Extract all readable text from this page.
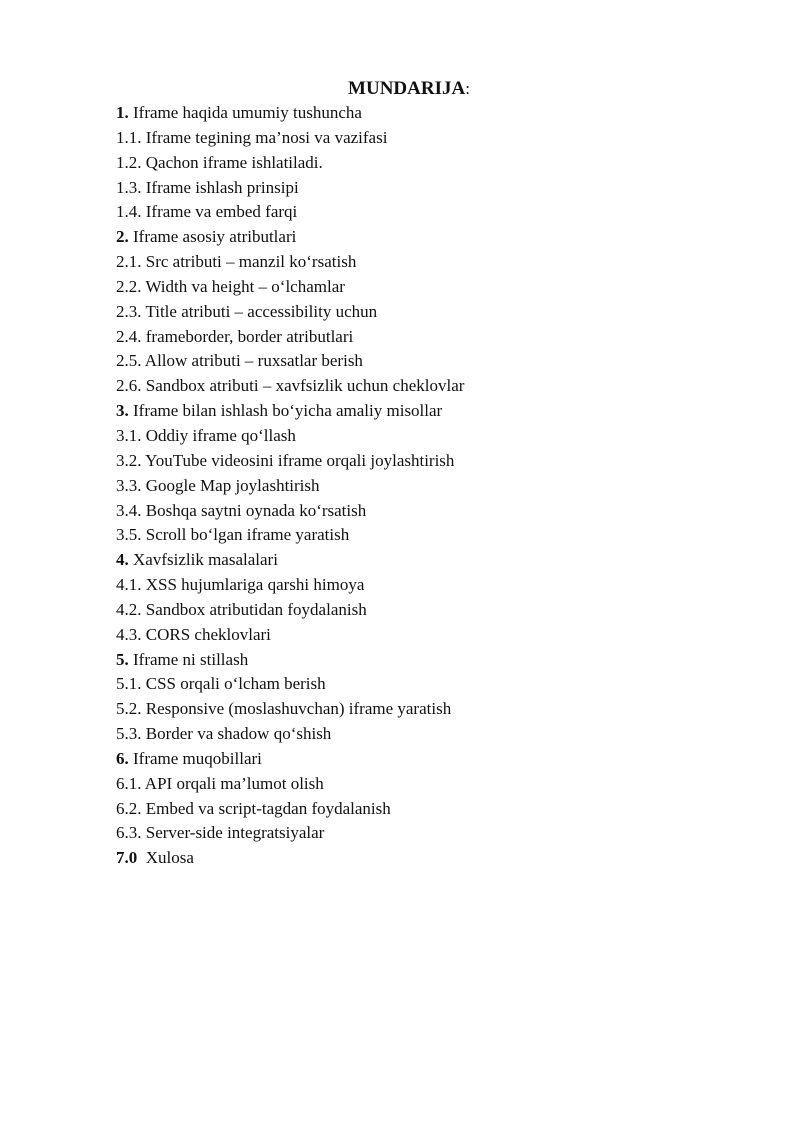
MUNDARIJA:
1. Iframe haqida umumiy tushuncha
1.1. Iframe tegining ma’nosi va vazifasi
1.2. Qachon iframe ishlatiladi.
1.3. Iframe ishlash prinsipi
1.4. Iframe va embed farqi
2. Iframe asosiy atributlari
2.1. Src atributi – manzil ko‘rsatish
2.2. Width va height – o‘lchamlar
2.3. Title atributi – accessibility uchun
2.4. frameborder, border atributlari
2.5. Allow atributi – ruxsatlar berish
2.6. Sandbox atributi – xavfsizlik uchun cheklovlar
3. Iframe bilan ishlash bo‘yicha amaliy misollar
3.1. Oddiy iframe qo‘llash
3.2. YouTube videosini iframe orqali joylashtirish
3.3. Google Map joylashtirish
3.4. Boshqa saytni oynada ko‘rsatish
3.5. Scroll bo‘lgan iframe yaratish
4. Xavfsizlik masalalari
4.1. XSS hujumlariga qarshi himoya
4.2. Sandbox atributidan foydalanish
4.3. CORS cheklovlari
5. Iframe ni stillash
5.1. CSS orqali o‘lcham berish
5.2. Responsive (moslashuvchan) iframe yaratish
5.3. Border va shadow qo‘shish
6. Iframe muqobillari
6.1. API orqali ma’lumot olish
6.2. Embed va script-tagdan foydalanish
6.3. Server-side integratsiyalar
7.0  Xulosa
